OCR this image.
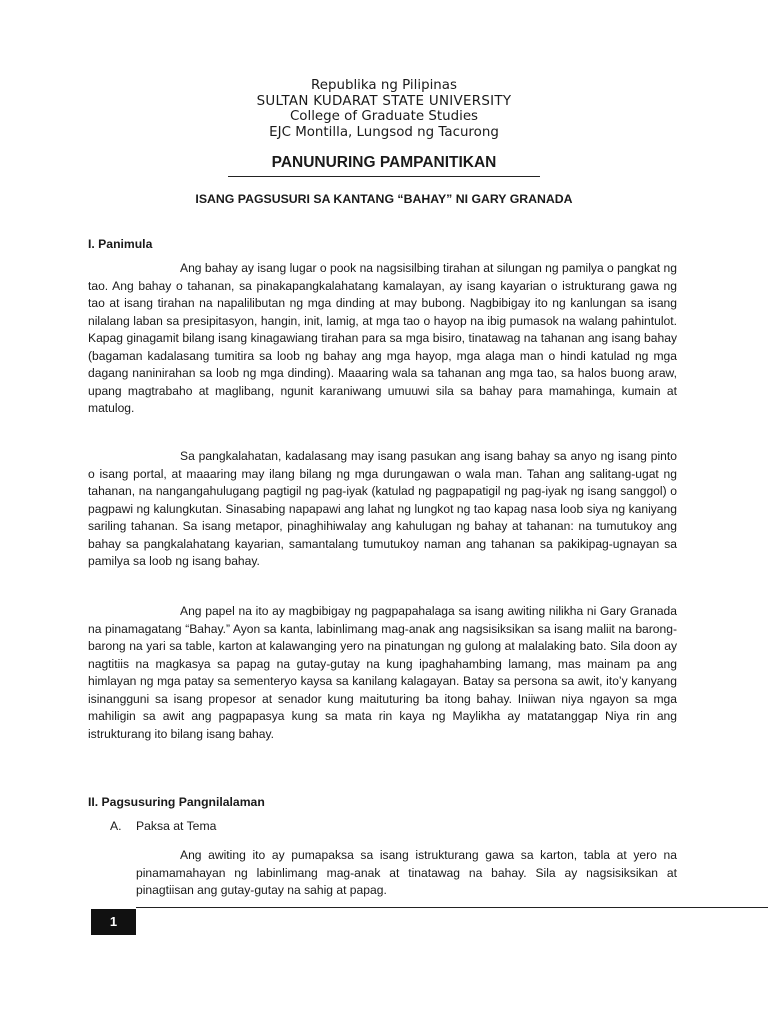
Republika ng Pilipinas
SULTAN KUDARAT STATE UNIVERSITY
College of Graduate Studies
EJC Montilla, Lungsod ng Tacurong
PANUNURING PAMPANITIKAN
ISANG PAGSUSURI SA KANTANG “BAHAY” NI GARY GRANADA
I. Panimula

Ang bahay ay isang lugar o pook na nagsisilbing tirahan at silungan ng pamilya o pangkat ng tao. Ang bahay o tahanan, sa pinakapangkalahatang kamalayan, ay isang kayarian o istrukturang gawa ng tao at isang tirahan na napalilibutan ng mga dinding at may bubong. Nagbibigay ito ng kanlungan sa isang nilalang laban sa presipitasyon, hangin, init, lamig, at mga tao o hayop na ibig pumasok na walang pahintulot. Kapag ginagamit bilang isang kinagawiang tirahan para sa mga bisiro, tinatawag na tahanan ang isang bahay (bagaman kadalasang tumitira sa loob ng bahay ang mga hayop, mga alaga man o hindi katulad ng mga dagang naninirahan sa loob ng mga dinding). Maaaring wala sa tahanan ang mga tao, sa halos buong araw, upang magtrabaho at maglibang, ngunit karaniwang umuuwi sila sa bahay para mamahinga, kumain at matulog.

Sa pangkalahatan, kadalasang may isang pasukan ang isang bahay sa anyo ng isang pinto o isang portal, at maaaring may ilang bilang ng mga durungawan o wala man. Tahan ang salitang-ugat ng tahanan, na nangangahulugang pagtigil ng pag-iyak (katulad ng pagpapatigil ng pag-iyak ng isang sanggol) o pagpawi ng kalungkutan. Sinasabing napapawi ang lahat ng lungkot ng tao kapag nasa loob siya ng kaniyang sariling tahanan. Sa isang metapor, pinaghihiwalay ang kahulugan ng bahay at tahanan: na tumutukoy ang bahay sa pangkalahatang kayarian, samantalang tumutukoy naman ang tahanan sa pakikipag-ugnayan sa pamilya sa loob ng isang bahay.

Ang papel na ito ay magbibigay ng pagpapahalaga sa isang awiting nilikha ni Gary Granada na pinamagatang “Bahay.” Ayon sa kanta, labinlimang mag-anak ang nagsisiksikan sa isang maliit na barong-barong na yari sa table, karton at kalawanging yero na pinatungan ng gulong at malalaking bato. Sila doon ay nagtitiis na magkasya sa papag na gutay-gutay na kung ipaghahambing lamang, mas mainam pa ang himlayan ng mga patay sa sementeryo kaysa sa kanilang kalagayan. Batay sa persona sa awit, ito’y kanyang isinangguni sa isang propesor at senador kung maituturing ba itong bahay. Iniiwan niya ngayon sa mga mahiligin sa awit ang pagpapasya kung sa mata rin kaya ng Maylikha ay matatanggap Niya rin ang istrukturang ito bilang isang bahay.

II. Pagsusuring Pangnilalaman
A. Paksa at Tema

Ang awiting ito ay pumapaksa sa isang istrukturang gawa sa karton, tabla at yero na pinamamahayan ng labinlimang mag-anak at tinatawag na bahay. Sila ay nagsisiksikan at pinagtiisan ang gutay-gutay na sahig at papag.

1
